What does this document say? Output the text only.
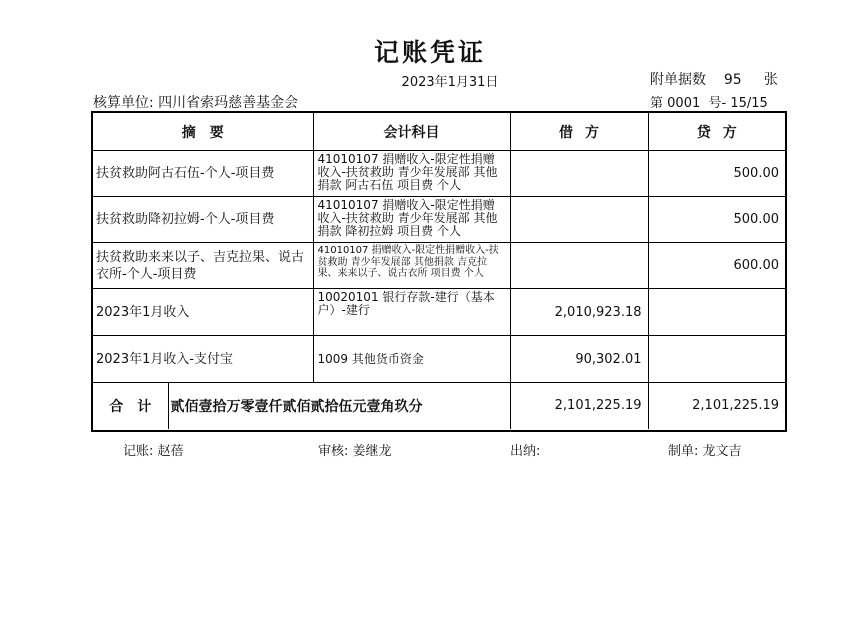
记账凭证
2023年1月31日	附单据数 95 张
核算单位: 四川省索玛慈善基金会	第 0001 号- 15/15
摘要		会计科目	借方	贷方
扶贫救助阿古石伍-个人-项目费		41010107 捐赠收入-限定性捐赠收入-扶贫救助 青少年发展部 其他捐款 阿古石伍 项目费 个人		500.00
扶贫救助降初拉姆-个人-项目费		41010107 捐赠收入-限定性捐赠收入-扶贫救助 青少年发展部 其他捐款 降初拉姆 项目费 个人		500.00
扶贫救助来来以子、吉克拉果、说古衣所-个人-项目费		41010107 捐赠收入-限定性捐赠收入-扶贫救助 青少年发展部 其他捐款 吉克拉果、来来以子、说古衣所 项目费 个人		600.00
2023年1月收入		10020101 银行存款-建行（基本户）-建行	2,010,923.18	
2023年1月收入-支付宝		1009 其他货币资金	90,302.01	
合计	贰佰壹拾万零壹仟贰佰贰拾伍元壹角玖分		2,101,225.19	2,101,225.19
记账: 赵蓓	审核: 姜继龙	出纳:	制单: 龙文吉
